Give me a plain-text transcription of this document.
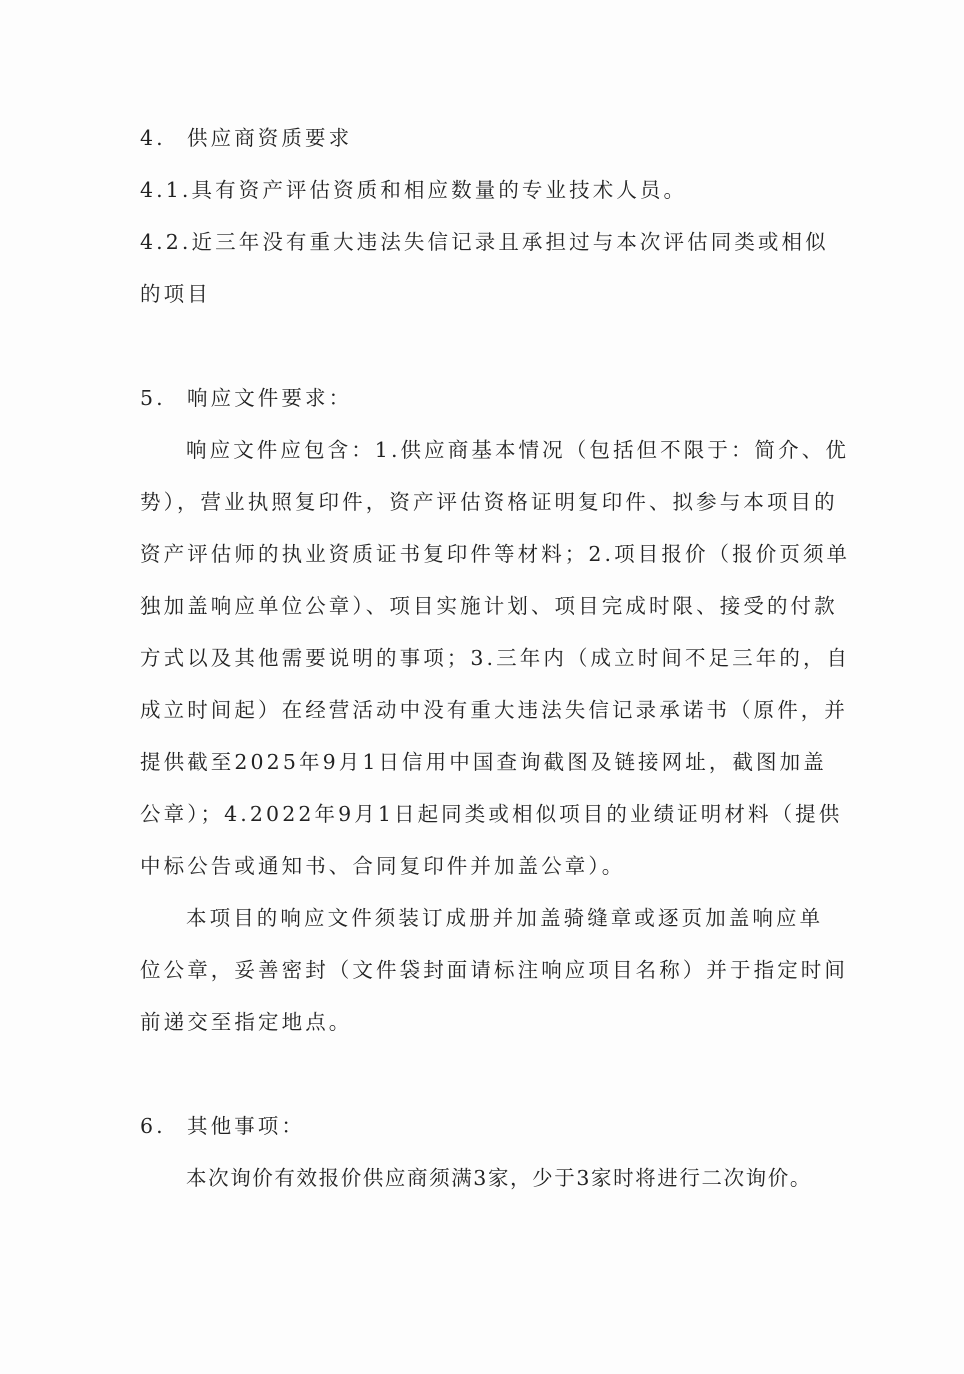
4. 供应商资质要求
4.1.具有资产评估资质和相应数量的专业技术人员。
4.2.近三年没有重大违法失信记录且承担过与本次评估同类或相似
的项目
5. 响应文件要求：
响应文件应包含：1.供应商基本情况（包括但不限于：简介、优
势），营业执照复印件，资产评估资格证明复印件、拟参与本项目的
资产评估师的执业资质证书复印件等材料；2.项目报价（报价页须单
独加盖响应单位公章）、项目实施计划、项目完成时限、接受的付款
方式以及其他需要说明的事项；3.三年内（成立时间不足三年的，自
成立时间起）在经营活动中没有重大违法失信记录承诺书（原件，并
提供截至2025年9月1日信用中国查询截图及链接网址，截图加盖
公章）；4.2022年9月1日起同类或相似项目的业绩证明材料（提供
中标公告或通知书、合同复印件并加盖公章）。
本项目的响应文件须装订成册并加盖骑缝章或逐页加盖响应单
位公章，妥善密封（文件袋封面请标注响应项目名称）并于指定时间
前递交至指定地点。
6. 其他事项：
本次询价有效报价供应商须满3家，少于3家时将进行二次询价。
